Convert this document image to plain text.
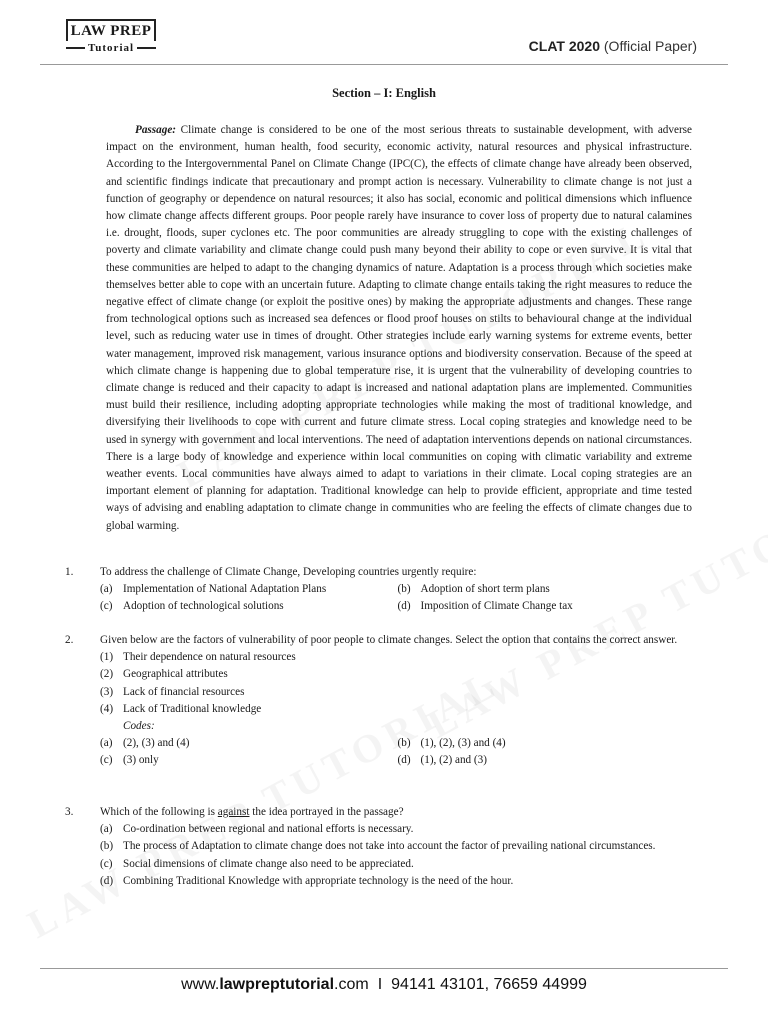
LAW PREP
Tutorial	CLAT 2020 (Official Paper)
Section – I: English
Passage: Climate change is considered to be one of the most serious threats to sustainable development, with adverse impact on the environment, human health, food security, economic activity, natural resources and physical infrastructure. According to the Intergovernmental Panel on Climate Change (IPC(C), the effects of climate change have already been observed, and scientific findings indicate that precautionary and prompt action is necessary. Vulnerability to climate change is not just a function of geography or dependence on natural resources; it also has social, economic and political dimensions which influence how climate change affects different groups. Poor people rarely have insurance to cover loss of property due to natural calamines i.e. drought, floods, super cyclones etc. The poor communities are already struggling to cope with the existing challenges of poverty and climate variability and climate change could push many beyond their ability to cope or even survive. It is vital that these communities are helped to adapt to the changing dynamics of nature. Adaptation is a process through which societies make themselves better able to cope with an uncertain future. Adapting to climate change entails taking the right measures to reduce the negative effect of climate change (or exploit the positive ones) by making the appropriate adjustments and changes. These range from technological options such as increased sea defences or flood proof houses on stilts to behavioural change at the individual level, such as reducing water use in times of drought. Other strategies include early warning systems for extreme events, better water management, improved risk management, various insurance options and biodiversity conservation. Because of the speed at which climate change is happening due to global temperature rise, it is urgent that the vulnerability of developing countries to climate change is reduced and their capacity to adapt is increased and national adaptation plans are implemented. Communities must build their resilience, including adopting appropriate technologies while making the most of traditional knowledge, and diversifying their livelihoods to cope with current and future climate stress. Local coping strategies and knowledge need to be used in synergy with government and local interventions. The need of adaptation interventions depends on national circumstances. There is a large body of knowledge and experience within local communities on coping with climatic variability and extreme weather events. Local communities have always aimed to adapt to variations in their climate. Local coping strategies are an important element of planning for adaptation. Traditional knowledge can help to provide efficient, appropriate and time tested ways of advising and enabling adaptation to climate change in communities who are feeling the effects of climate changes due to global warming.
1. To address the challenge of Climate Change, Developing countries urgently require:
(a) Implementation of National Adaptation Plans	(b) Adoption of short term plans
(c) Adoption of technological solutions	(d) Imposition of Climate Change tax
2. Given below are the factors of vulnerability of poor people to climate changes. Select the option that contains the correct answer.
(1) Their dependence on natural resources
(2) Geographical attributes
(3) Lack of financial resources
(4) Lack of Traditional knowledge
Codes:
(a) (2), (3) and (4)	(b) (1), (2), (3) and (4)
(c) (3) only	(d) (1), (2) and (3)
3. Which of the following is against the idea portrayed in the passage?
(a) Co-ordination between regional and national efforts is necessary.
(b) The process of Adaptation to climate change does not take into account the factor of prevailing national circumstances.
(c) Social dimensions of climate change also need to be appreciated.
(d) Combining Traditional Knowledge with appropriate technology is the need of the hour.
www.lawpreptutorial.com I 94141 43101, 76659 44999
